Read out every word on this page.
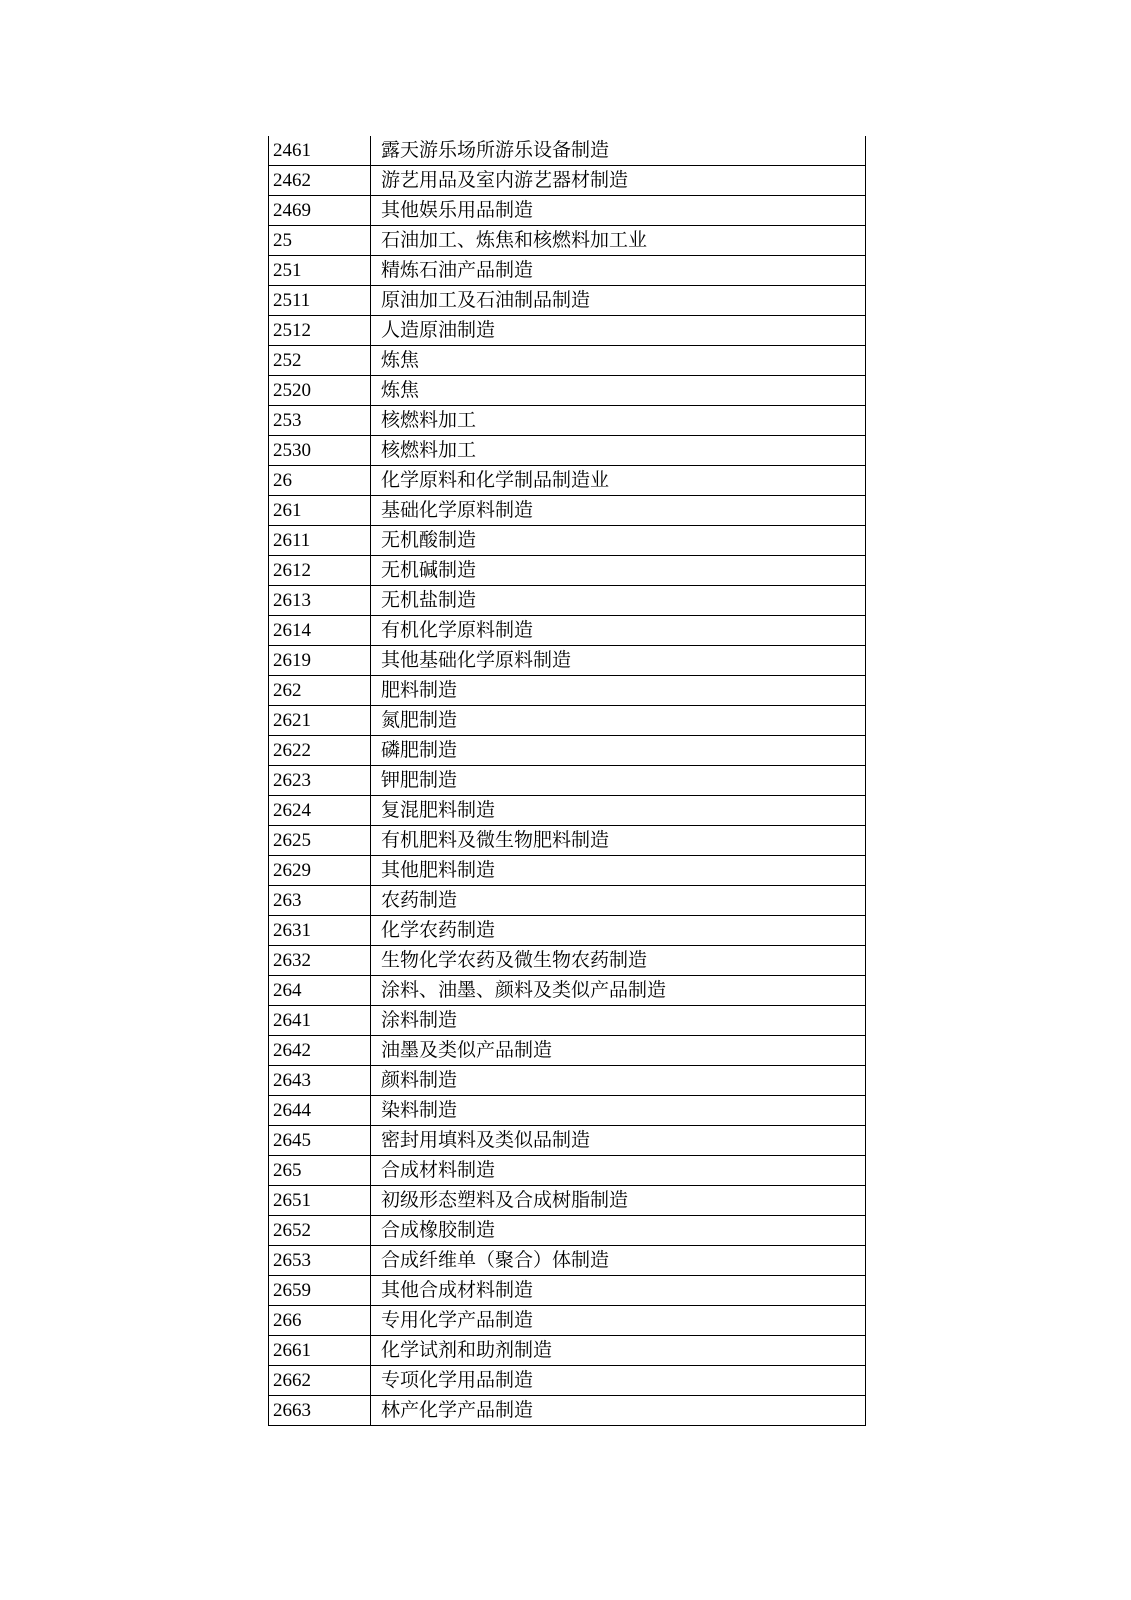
2461	露天游乐场所游乐设备制造
2462	游艺用品及室内游艺器材制造
2469	其他娱乐用品制造
25	石油加工、炼焦和核燃料加工业
251	精炼石油产品制造
2511	原油加工及石油制品制造
2512	人造原油制造
252	炼焦
2520	炼焦
253	核燃料加工
2530	核燃料加工
26	化学原料和化学制品制造业
261	基础化学原料制造
2611	无机酸制造
2612	无机碱制造
2613	无机盐制造
2614	有机化学原料制造
2619	其他基础化学原料制造
262	肥料制造
2621	氮肥制造
2622	磷肥制造
2623	钾肥制造
2624	复混肥料制造
2625	有机肥料及微生物肥料制造
2629	其他肥料制造
263	农药制造
2631	化学农药制造
2632	生物化学农药及微生物农药制造
264	涂料、油墨、颜料及类似产品制造
2641	涂料制造
2642	油墨及类似产品制造
2643	颜料制造
2644	染料制造
2645	密封用填料及类似品制造
265	合成材料制造
2651	初级形态塑料及合成树脂制造
2652	合成橡胶制造
2653	合成纤维单（聚合）体制造
2659	其他合成材料制造
266	专用化学产品制造
2661	化学试剂和助剂制造
2662	专项化学用品制造
2663	林产化学产品制造
